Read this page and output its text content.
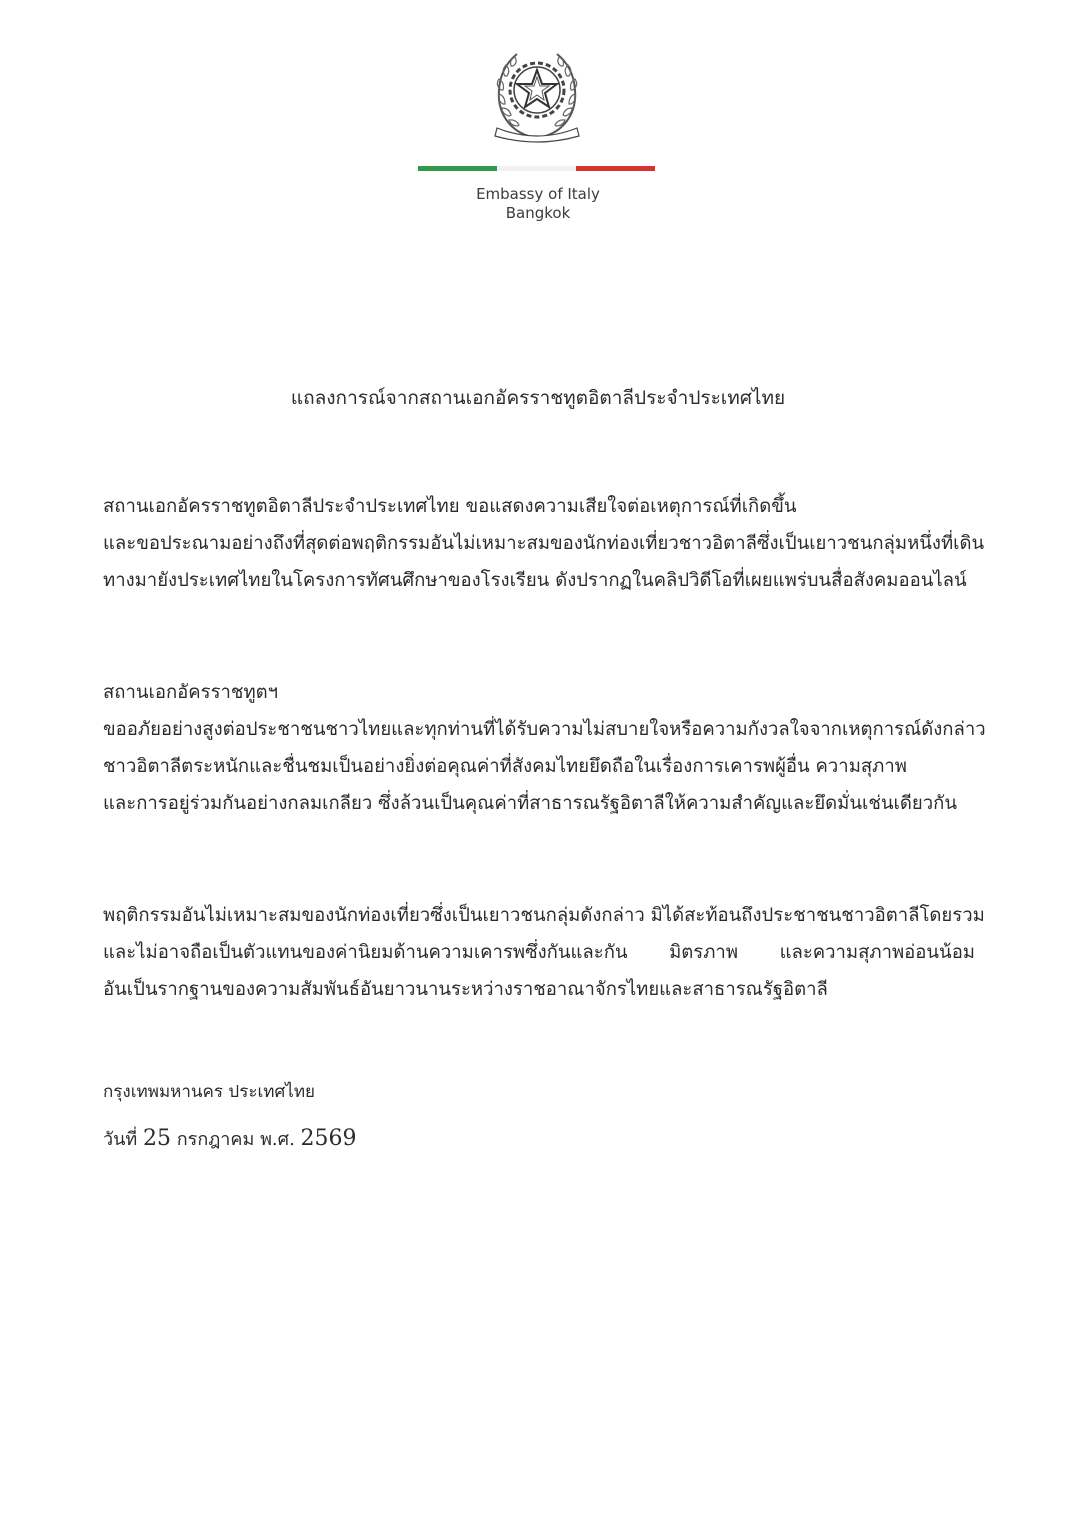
Embassy of Italy
Bangkok
แถลงการณ์จากสถานเอกอัครราชทูตอิตาลีประจำประเทศไทย
สถานเอกอัครราชทูตอิตาลีประจำประเทศไทย ขอแสดงความเสียใจต่อเหตุการณ์ที่เกิดขึ้น
และขอประณามอย่างถึงที่สุดต่อพฤติกรรมอันไม่เหมาะสมของนักท่องเที่ยวชาวอิตาลีซึ่งเป็นเยาวชนกลุ่มหนึ่งที่เดิน
ทางมายังประเทศไทยในโครงการทัศนศึกษาของโรงเรียน ดังปรากฏในคลิปวิดีโอที่เผยแพร่บนสื่อสังคมออนไลน์
สถานเอกอัครราชทูตฯ
ขออภัยอย่างสูงต่อประชาชนชาวไทยและทุกท่านที่ได้รับความไม่สบายใจหรือความกังวลใจจากเหตุการณ์ดังกล่าว
ชาวอิตาลีตระหนักและชื่นชมเป็นอย่างยิ่งต่อคุณค่าที่สังคมไทยยึดถือในเรื่องการเคารพผู้อื่น ความสุภาพ
และการอยู่ร่วมกันอย่างกลมเกลียว ซึ่งล้วนเป็นคุณค่าที่สาธารณรัฐอิตาลีให้ความสำคัญและยึดมั่นเช่นเดียวกัน
พฤติกรรมอันไม่เหมาะสมของนักท่องเที่ยวซึ่งเป็นเยาวชนกลุ่มดังกล่าว มิได้สะท้อนถึงประชาชนชาวอิตาลีโดยรวม
และไม่อาจถือเป็นตัวแทนของค่านิยมด้านความเคารพซึ่งกันและกัน มิตรภาพ และความสุภาพอ่อนน้อม
อันเป็นรากฐานของความสัมพันธ์อันยาวนานระหว่างราชอาณาจักรไทยและสาธารณรัฐอิตาลี
กรุงเทพมหานคร ประเทศไทย
วันที่ 25 กรกฎาคม พ.ศ. 2569
